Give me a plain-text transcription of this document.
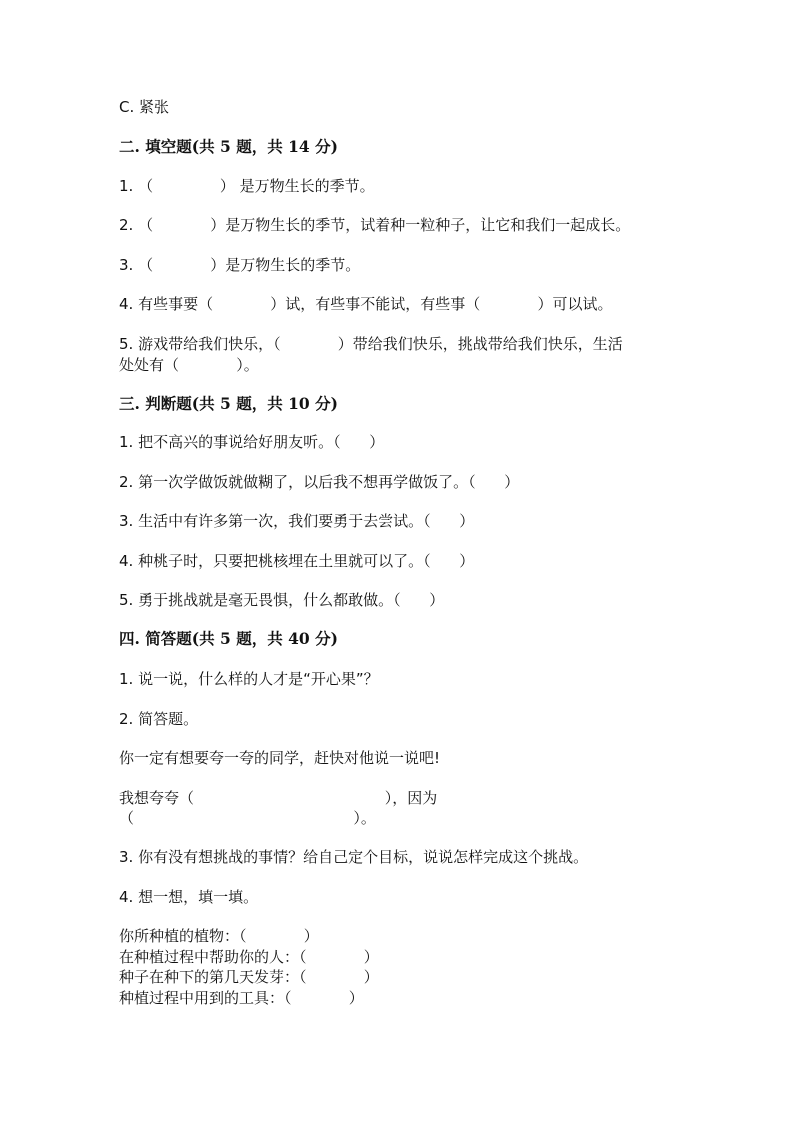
C. 紧张
二. 填空题(共 5 题，共 14 分)
1. （              ） 是万物生长的季节。
2. （            ）是万物生长的季节，试着种一粒种子，让它和我们一起成长。
3. （            ）是万物生长的季节。
4. 有些事要（            ）试，有些事不能试，有些事（            ）可以试。
5. 游戏带给我们快乐，（            ）带给我们快乐，挑战带给我们快乐，生活
处处有（            ）。
三. 判断题(共 5 题，共 10 分)
1. 把不高兴的事说给好朋友听。（      ）
2. 第一次学做饭就做糊了，以后我不想再学做饭了。（      ）
3. 生活中有许多第一次，我们要勇于去尝试。（      ）
4. 种桃子时，只要把桃核埋在土里就可以了。（      ）
5. 勇于挑战就是毫无畏惧，什么都敢做。（      ）
四. 简答题(共 5 题，共 40 分)
1. 说一说，什么样的人才是“开心果”？
2. 简答题。
你一定有想要夸一夸的同学，赶快对他说一说吧!
我想夸夸（                                        ），因为
（                                              ）。
3. 你有没有想挑战的事情？给自己定个目标，说说怎样完成这个挑战。
4. 想一想，填一填。
你所种植的植物：（            ）
在种植过程中帮助你的人：（            ）
种子在种下的第几天发芽：（            ）
种植过程中用到的工具：（            ）
